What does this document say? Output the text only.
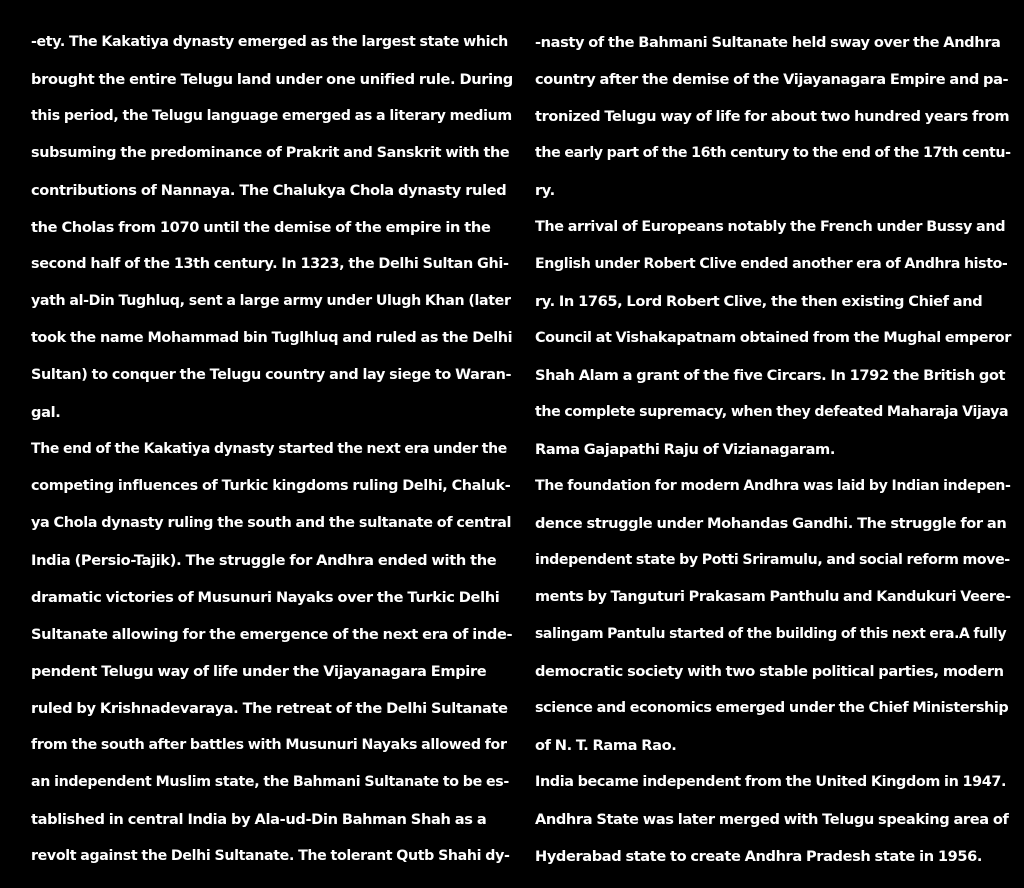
-ety. The Kakatiya dynasty emerged as the largest state which
brought the entire Telugu land under one unified rule. During
this period, the Telugu language emerged as a literary medium
subsuming the predominance of Prakrit and Sanskrit with the
contributions of Nannaya. The Chalukya Chola dynasty ruled
the Cholas from 1070 until the demise of the empire in the
second half of the 13th century. In 1323, the Delhi Sultan Ghi-
yath al-Din Tughluq, sent a large army under Ulugh Khan (later
took the name Mohammad bin Tuglhluq and ruled as the Delhi
Sultan) to conquer the Telugu country and lay siege to Waran-
gal.
The end of the Kakatiya dynasty started the next era under the
competing influences of Turkic kingdoms ruling Delhi, Chaluk-
ya Chola dynasty ruling the south and the sultanate of central
India (Persio-Tajik). The struggle for Andhra ended with the
dramatic victories of Musunuri Nayaks over the Turkic Delhi
Sultanate allowing for the emergence of the next era of inde-
pendent Telugu way of life under the Vijayanagara Empire
ruled by Krishnadevaraya. The retreat of the Delhi Sultanate
from the south after battles with Musunuri Nayaks allowed for
an independent Muslim state, the Bahmani Sultanate to be es-
tablished in central India by Ala-ud-Din Bahman Shah as a
revolt against the Delhi Sultanate. The tolerant Qutb Shahi dy-
-nasty of the Bahmani Sultanate held sway over the Andhra
country after the demise of the Vijayanagara Empire and pa-
tronized Telugu way of life for about two hundred years from
the early part of the 16th century to the end of the 17th centu-
ry.
The arrival of Europeans notably the French under Bussy and
English under Robert Clive ended another era of Andhra histo-
ry. In 1765, Lord Robert Clive, the then existing Chief and
Council at Vishakapatnam obtained from the Mughal emperor
Shah Alam a grant of the five Circars. In 1792 the British got
the complete supremacy, when they defeated Maharaja Vijaya
Rama Gajapathi Raju of Vizianagaram.
The foundation for modern Andhra was laid by Indian indepen-
dence struggle under Mohandas Gandhi. The struggle for an
independent state by Potti Sriramulu, and social reform move-
ments by Tanguturi Prakasam Panthulu and Kandukuri Veere-
salingam Pantulu started of the building of this next era.A fully
democratic society with two stable political parties, modern
science and economics emerged under the Chief Ministership
of N. T. Rama Rao.
India became independent from the United Kingdom in 1947.
Andhra State was later merged with Telugu speaking area of
Hyderabad state to create Andhra Pradesh state in 1956.
